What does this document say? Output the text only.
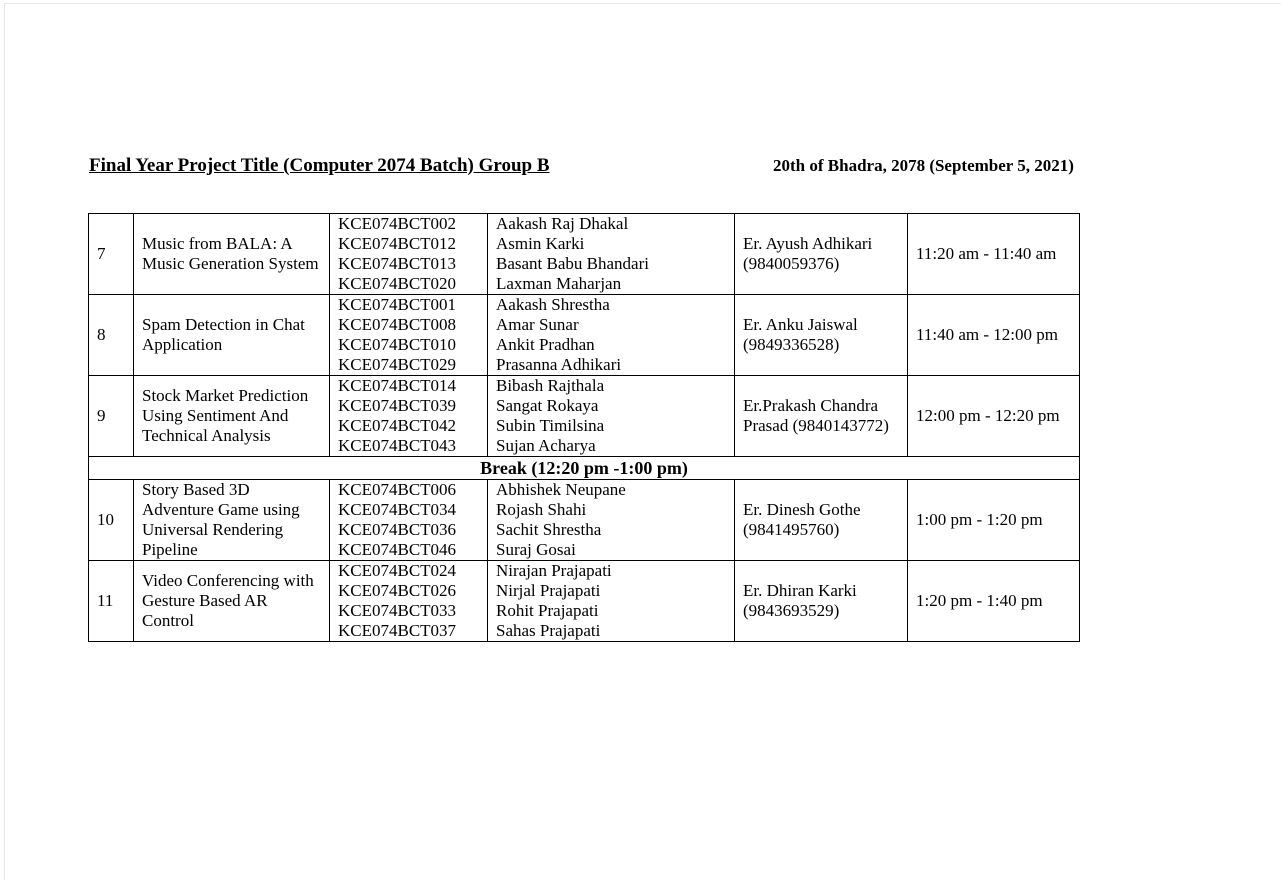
Final Year Project Title (Computer 2074 Batch) Group B	20th of Bhadra, 2078 (September 5, 2021)
7	Music from BALA: A Music Generation System	KCE074BCT002
KCE074BCT012
KCE074BCT013
KCE074BCT020	Aakash Raj Dhakal
Asmin Karki
Basant Babu Bhandari
Laxman Maharjan	Er. Ayush Adhikari (9840059376)	11:20 am - 11:40 am
8	Spam Detection in Chat Application	KCE074BCT001
KCE074BCT008
KCE074BCT010
KCE074BCT029	Aakash Shrestha
Amar Sunar
Ankit Pradhan
Prasanna Adhikari	Er. Anku Jaiswal (9849336528)	11:40 am - 12:00 pm
9	Stock Market Prediction Using Sentiment And Technical Analysis	KCE074BCT014
KCE074BCT039
KCE074BCT042
KCE074BCT043	Bibash Rajthala
Sangat Rokaya
Subin Timilsina
Sujan Acharya	Er.Prakash Chandra Prasad (9840143772)	12:00 pm - 12:20 pm
Break (12:20 pm -1:00 pm)					
10	Story Based 3D Adventure Game using Universal Rendering Pipeline	KCE074BCT006
KCE074BCT034
KCE074BCT036
KCE074BCT046	Abhishek Neupane
Rojash Shahi
Sachit Shrestha
Suraj Gosai	Er. Dinesh Gothe (9841495760)	1:00 pm - 1:20 pm
11	Video Conferencing with Gesture Based AR Control	KCE074BCT024
KCE074BCT026
KCE074BCT033
KCE074BCT037	Nirajan Prajapati
Nirjal Prajapati
Rohit Prajapati
Sahas Prajapati	Er. Dhiran Karki (9843693529)	1:20 pm - 1:40 pm
